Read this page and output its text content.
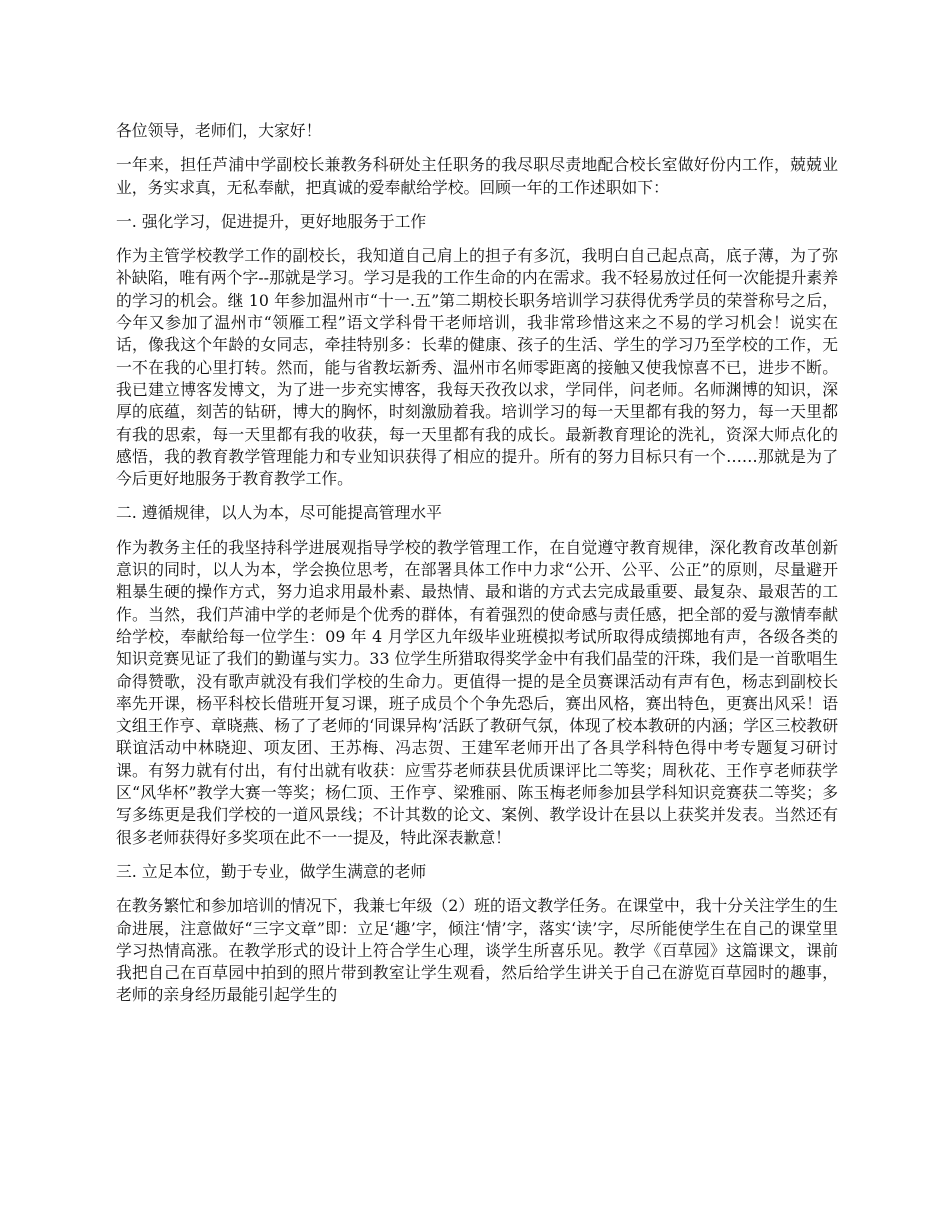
各位领导，老师们，大家好！

一年来，担任芦浦中学副校长兼教务科研处主任职务的我尽职尽责地配合校长室做好份内工作，兢兢业业，务实求真，无私奉献，把真诚的爱奉献给学校。回顾一年的工作述职如下：

一. 强化学习，促进提升，更好地服务于工作

作为主管学校教学工作的副校长，我知道自己肩上的担子有多沉，我明白自己起点高，底子薄，为了弥补缺陷，唯有两个字--那就是学习。学习是我的工作生命的内在需求。我不轻易放过任何一次能提升素养的学习的机会。继 10 年参加温州市“十一.五”第二期校长职务培训学习获得优秀学员的荣誉称号之后，今年又参加了温州市“领雁工程”语文学科骨干老师培训，我非常珍惜这来之不易的学习机会！说实在话，像我这个年龄的女同志，牵挂特别多：长辈的健康、孩子的生活、学生的学习乃至学校的工作，无一不在我的心里打转。然而，能与省教坛新秀、温州市名师零距离的接触又使我惊喜不已，进步不断。我已建立博客发博文，为了进一步充实博客，我每天孜孜以求，学同伴，问老师。名师渊博的知识，深厚的底蕴，刻苦的钻研，博大的胸怀，时刻激励着我。培训学习的每一天里都有我的努力，每一天里都有我的思索，每一天里都有我的收获，每一天里都有我的成长。最新教育理论的洗礼，资深大师点化的感悟，我的教育教学管理能力和专业知识获得了相应的提升。所有的努力目标只有一个……那就是为了今后更好地服务于教育教学工作。

二. 遵循规律，以人为本，尽可能提高管理水平

作为教务主任的我坚持科学进展观指导学校的教学管理工作，在自觉遵守教育规律，深化教育改革创新意识的同时，以人为本，学会换位思考，在部署具体工作中力求“公开、公平、公正”的原则，尽量避开粗暴生硬的操作方式，努力追求用最朴素、最热情、最和谐的方式去完成最重要、最复杂、最艰苦的工作。当然，我们芦浦中学的老师是个优秀的群体，有着强烈的使命感与责任感，把全部的爱与激情奉献给学校，奉献给每一位学生：09 年 4 月学区九年级毕业班模拟考试所取得成绩掷地有声，各级各类的知识竞赛见证了我们的勤谨与实力。33 位学生所猎取得奖学金中有我们晶莹的汗珠，我们是一首歌唱生命得赞歌，没有歌声就没有我们学校的生命力。更值得一提的是全员赛课活动有声有色，杨志到副校长率先开课，杨平科校长借班开复习课，班子成员个个争先恐后，赛出风格，赛出特色，更赛出风采！语文组王作亨、章晓燕、杨了了老师的‘同课异构’活跃了教研气氛，体现了校本教研的内涵；学区三校教研联谊活动中林晓迎、项友团、王苏梅、冯志贺、王建军老师开出了各具学科特色得中考专题复习研讨课。有努力就有付出，有付出就有收获：应雪芬老师获县优质课评比二等奖；周秋花、王作亨老师获学区“风华杯”教学大赛一等奖；杨仁顶、王作亨、梁雅丽、陈玉梅老师参加县学科知识竞赛获二等奖；多写多练更是我们学校的一道风景线；不计其数的论文、案例、教学设计在县以上获奖并发表。当然还有很多老师获得好多奖项在此不一一提及，特此深表歉意！

三. 立足本位，勤于专业，做学生满意的老师

在教务繁忙和参加培训的情况下，我兼七年级（2）班的语文教学任务。在课堂中，我十分关注学生的生命进展，注意做好“三字文章”即：立足‘趣’字，倾注‘情’字，落实‘读’字，尽所能使学生在自己的课堂里学习热情高涨。在教学形式的设计上符合学生心理，谈学生所喜乐见。教学《百草园》这篇课文，课前我把自己在百草园中拍到的照片带到教室让学生观看，然后给学生讲关于自己在游览百草园时的趣事，老师的亲身经历最能引起学生的
